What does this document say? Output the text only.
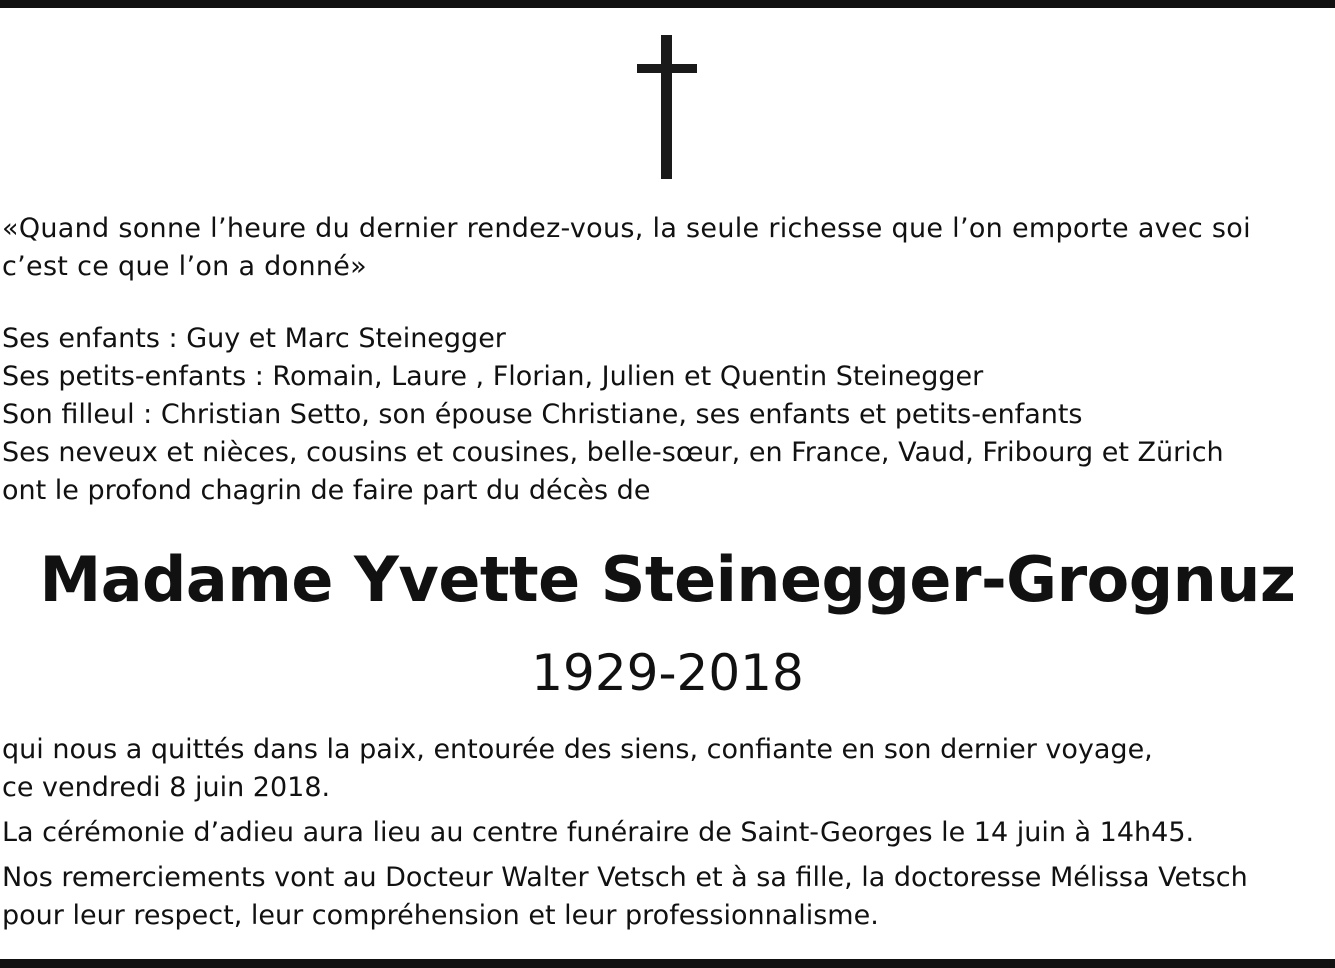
«Quand sonne l’heure du dernier rendez-vous, la seule richesse que l’on emporte avec soi

c’est ce que l’on a donné»

Ses enfants : Guy et Marc Steinegger

Ses petits-enfants : Romain, Laure , Florian, Julien et Quentin Steinegger

Son filleul : Christian Setto, son épouse Christiane, ses enfants et petits-enfants

Ses neveux et nièces, cousins et cousines, belle-sœur, en France, Vaud, Fribourg et Zürich

ont le profond chagrin de faire part du décès de

Madame Yvette Steinegger-Grognuz
1929-2018

qui nous a quittés dans la paix, entourée des siens, confiante en son dernier voyage,

ce vendredi 8 juin 2018.

La cérémonie d’adieu aura lieu au centre funéraire de Saint-Georges le 14 juin à 14h45.

Nos remerciements vont au Docteur Walter Vetsch et à sa fille, la doctoresse Mélissa Vetsch

pour leur respect, leur compréhension et leur professionnalisme.
